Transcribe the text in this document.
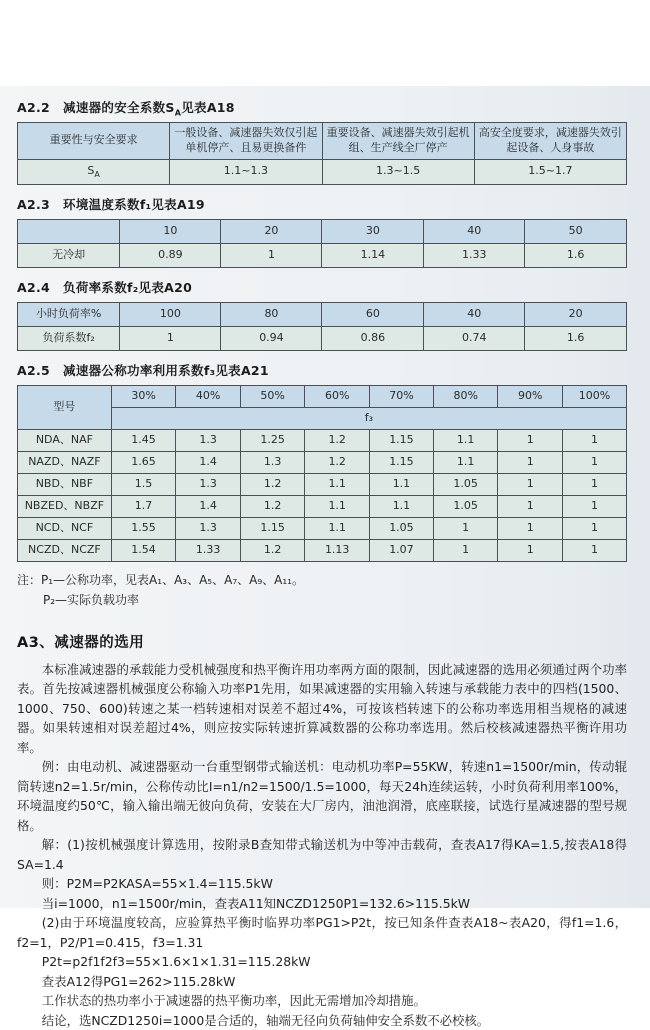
A2.2 减速器的安全系数$S_A$见表A18
重要性与安全要求	一般设备、减速器失效仅引起单机停产、且易更换备件	重要设备、减速器失效引起机组、生产线全厂停产	高安全度要求，减速器失效引起设备、人身事故
$S_A$	1.1~1.3	1.3~1.5	1.5~1.7
A2.3 环境温度系数f₁见表A19
	10	20	30	40	50
无冷却	0.89	1	1.14	1.33	1.6
A2.4 负荷率系数f₂见表A20
小时负荷率%	100	80	60	40	20
负荷系数f₂	1	0.94	0.86	0.74	1.6
A2.5 减速器公称功率利用系数f₃见表A21
型号	30%	40%	50%	60%	70%	80%	90%	100%
	f₃							
NDA、NAF	1.45	1.3	1.25	1.2	1.15	1.1	1	1
NAZD、NAZF	1.65	1.4	1.3	1.2	1.15	1.1	1	1
NBD、NBF	1.5	1.3	1.2	1.1	1.1	1.05	1	1
NBZED、NBZF	1.7	1.4	1.2	1.1	1.1	1.05	1	1
NCD、NCF	1.55	1.3	1.15	1.1	1.05	1	1	1
NCZD、NCZF	1.54	1.33	1.2	1.13	1.07	1	1	1

注：P₁—公称功率，见表A₁、A₃、A₅、A₇、A₉、A₁₁。

P₂—实际负载功率

A3、减速器的选用

本标准减速器的承载能力受机械强度和热平衡许用功率两方面的限制，因此减速器的选用必须通过两个功率表。首先按减速器机械强度公称输入功率P1先用，如果减速器的实用输入转速与承载能力表中的四档(1500、1000、750、600)转速之某一档转速相对误差不超过4%，可按该档转速下的公称功率选用相当规格的减速器。如果转速相对误差超过4%，则应按实际转速折算减数器的公称功率选用。然后校核减速器热平衡许用功率。

例：由电动机、减速器驱动一台重型钢带式输送机：电动机功率P=55KW，转速n1=1500r/min，传动辊筒转速n2=1.5r/min，公称传动比I=n1/n2=1500/1.5=1000，每天24h连续运转，小时负荷利用率100%，环境温度约50℃，输入输出端无彼向负荷，安装在大厂房内，油池润滑，底座联接，试选行星减速器的型号规格。

解：(1)按机械强度计算选用，按附录B查知带式输送机为中等冲击载荷，查表A17得KA=1.5,按表A18得SA=1.4

则：P2M=P2KASA=55×1.4=115.5kW

当i=1000，n1=1500r/min，查表A11知NCZD1250P1=132.6>115.5kW

(2)由于环境温度较高，应验算热平衡时临界功率PG1>P2t，按已知条件查表A18~表A20，得f1=1.6，f2=1，P2/P1=0.415，f3=1.31

P2t=p2f1f2f3=55×1.6×1×1.31=115.28kW

查表A12得PG1=262>115.28kW

工作状态的热功率小于减速器的热平衡功率，因此无需增加冷却措施。

结论，选NCZD1250i=1000是合适的，轴端无径向负荷轴伸安全系数不必校核。
